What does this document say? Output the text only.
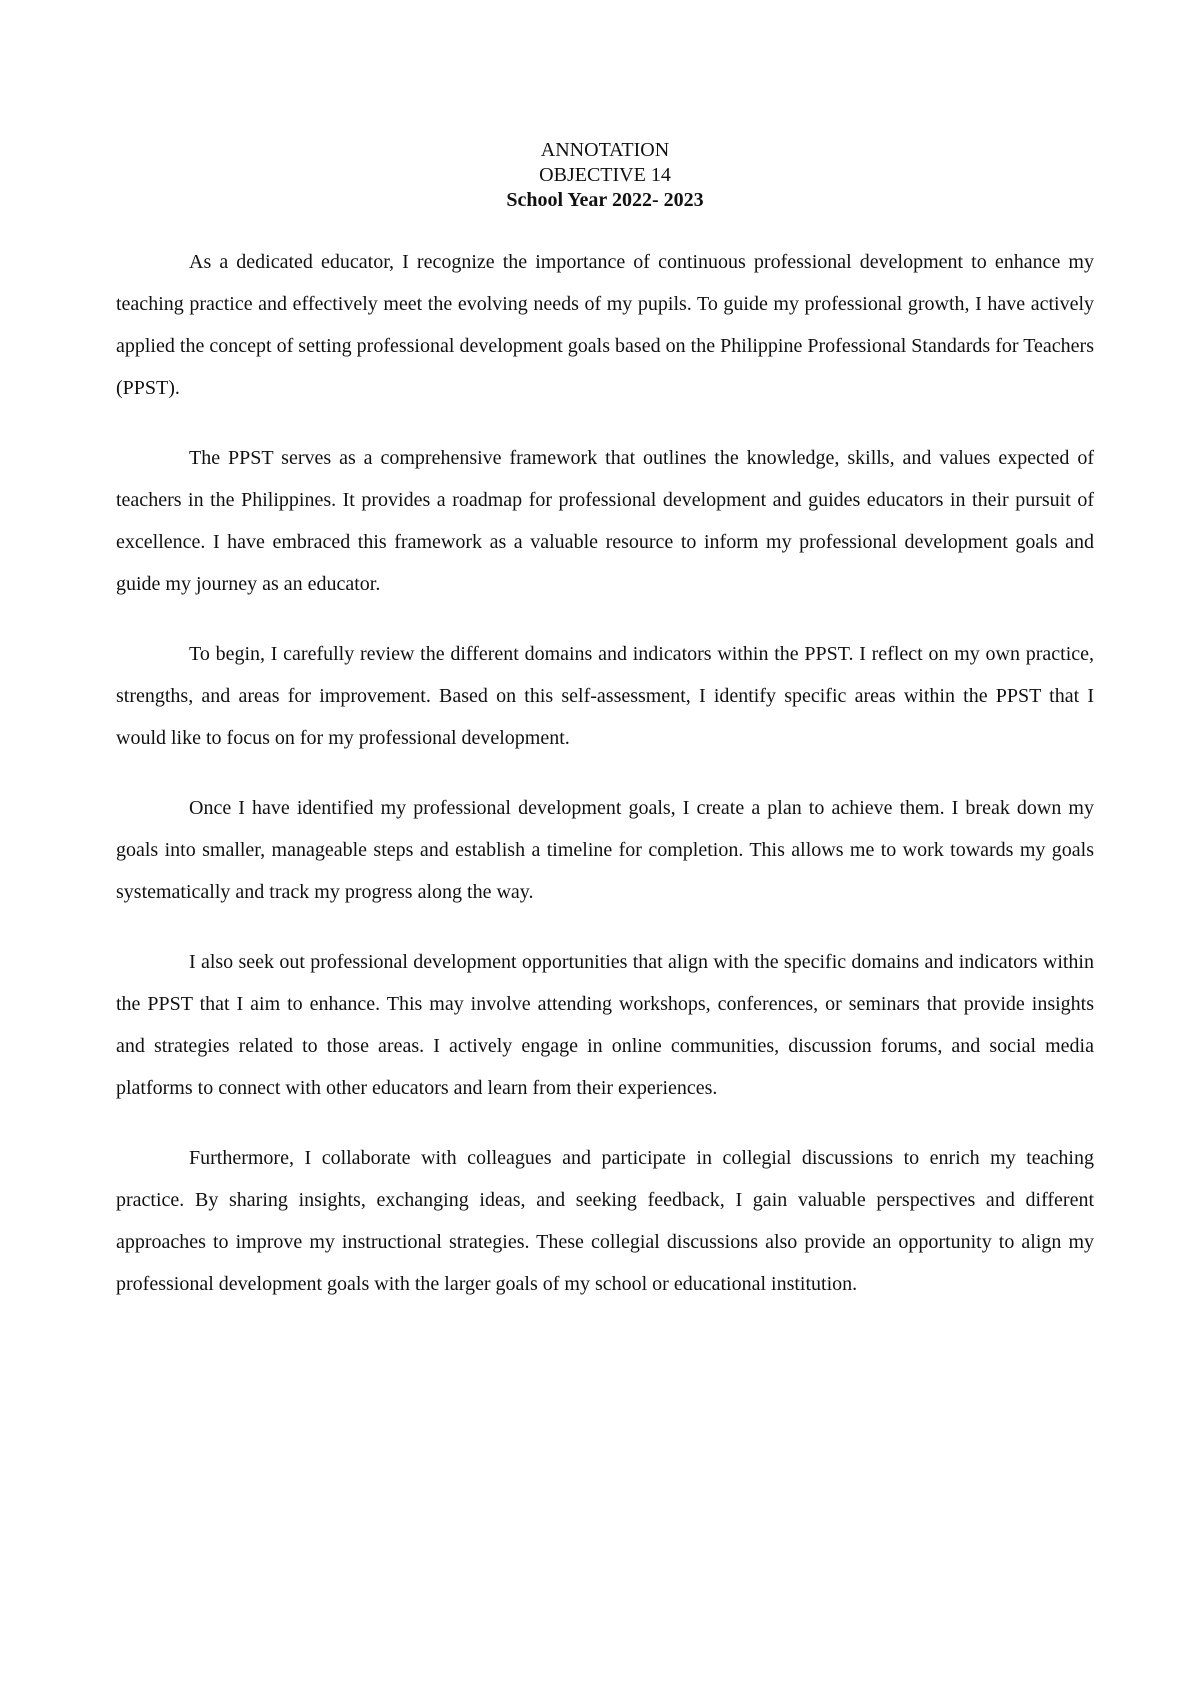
ANNOTATION

OBJECTIVE 14

School Year 2022- 2023

As a dedicated educator, I recognize the importance of continuous professional development to enhance my teaching practice and effectively meet the evolving needs of my pupils. To guide my professional growth, I have actively applied the concept of setting professional development goals based on the Philippine Professional Standards for Teachers (PPST).

The PPST serves as a comprehensive framework that outlines the knowledge, skills, and values expected of teachers in the Philippines. It provides a roadmap for professional development and guides educators in their pursuit of excellence. I have embraced this framework as a valuable resource to inform my professional development goals and guide my journey as an educator.

To begin, I carefully review the different domains and indicators within the PPST. I reflect on my own practice, strengths, and areas for improvement. Based on this self-assessment, I identify specific areas within the PPST that I would like to focus on for my professional development.

Once I have identified my professional development goals, I create a plan to achieve them. I break down my goals into smaller, manageable steps and establish a timeline for completion. This allows me to work towards my goals systematically and track my progress along the way.

I also seek out professional development opportunities that align with the specific domains and indicators within the PPST that I aim to enhance. This may involve attending workshops, conferences, or seminars that provide insights and strategies related to those areas. I actively engage in online communities, discussion forums, and social media platforms to connect with other educators and learn from their experiences.

Furthermore, I collaborate with colleagues and participate in collegial discussions to enrich my teaching practice. By sharing insights, exchanging ideas, and seeking feedback, I gain valuable perspectives and different approaches to improve my instructional strategies. These collegial discussions also provide an opportunity to align my professional development goals with the larger goals of my school or educational institution.
